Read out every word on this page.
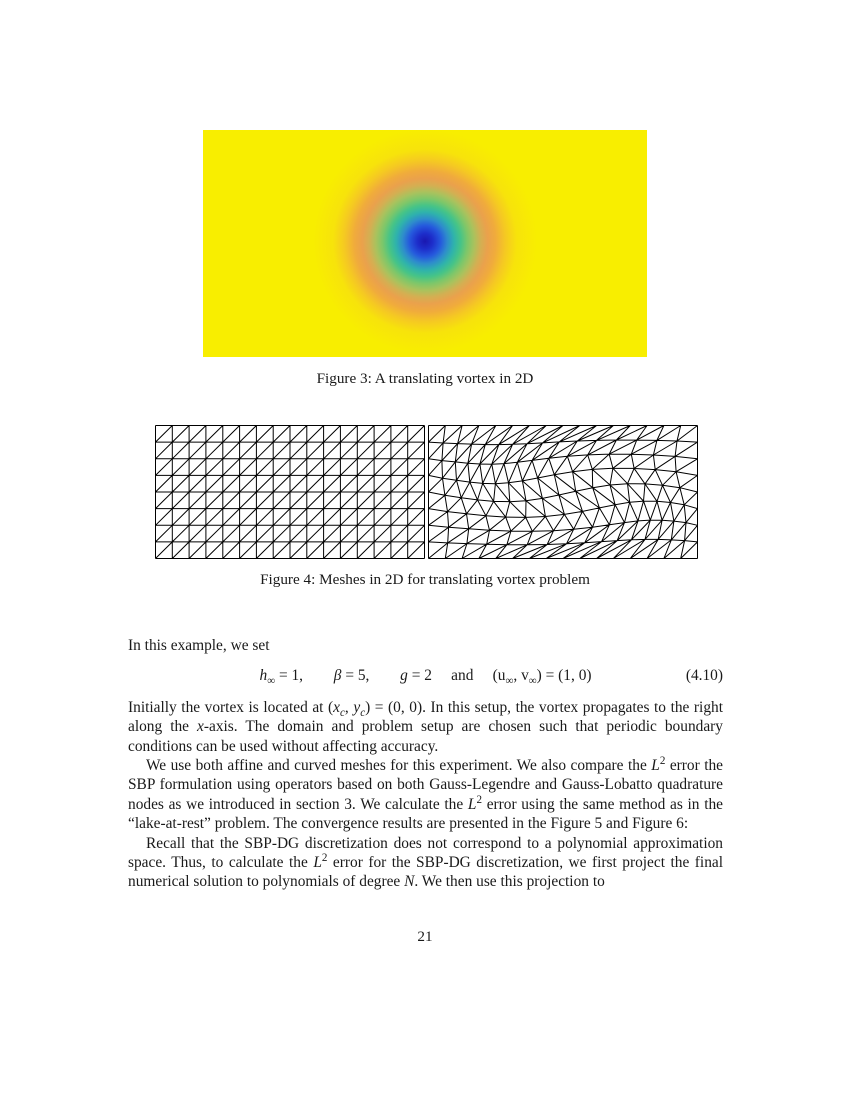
Figure 3: A translating vortex in 2D
Figure 4: Meshes in 2D for translating vortex problem

In this example, we set

$h_\infty = 1$,  β = 5,  g = 2  and  ($u_\infty$, $v_\infty) = (1$, 0)	(4.10)

Initially the vortex is located at ($x_c$, $y_c) = (0$, 0). In this setup, the vortex propagates to the right along the x-axis. The domain and problem setup are chosen such that periodic boundary conditions can be used without affecting accuracy.

We use both affine and curved meshes for this experiment. We also compare the $L^2$ error the SBP formulation using operators based on both Gauss-Legendre and Gauss-Lobatto quadrature nodes as we introduced in section 3. We calculate the $L^2$ error using the same method as in the “lake-at-rest” problem. The convergence results are presented in the Figure 5 and Figure 6:

Recall that the SBP-DG discretization does not correspond to a polynomial approximation space. Thus, to calculate the $L^2$ error for the SBP-DG discretization, we first project the final numerical solution to polynomials of degree N. We then use this projection to

21
